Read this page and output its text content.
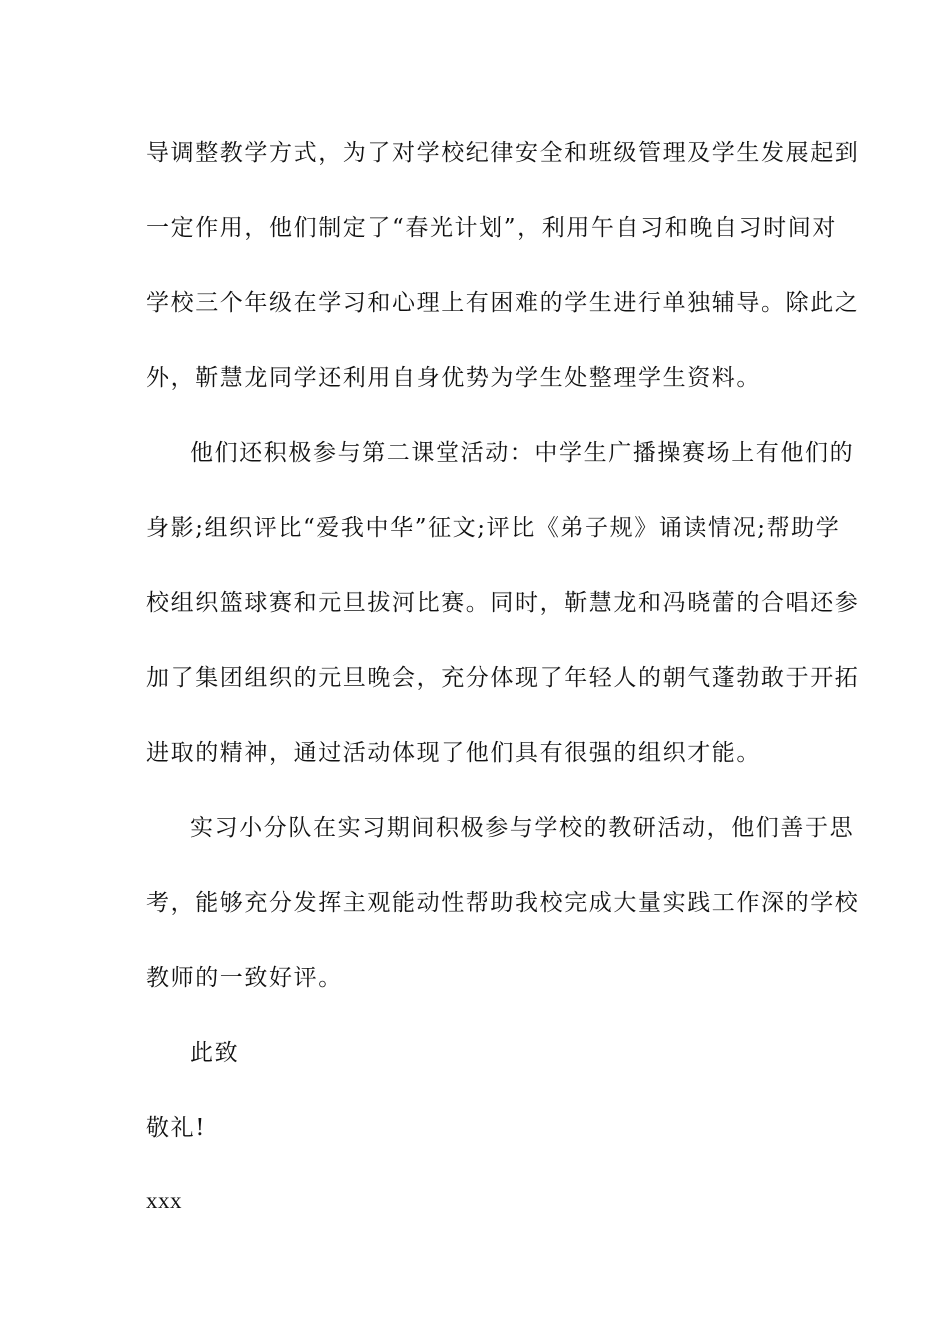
导调整教学方式，为了对学校纪律安全和班级管理及学生发展起到
一定作用，他们制定了“春光计划”，利用午自习和晚自习时间对
学校三个年级在学习和心理上有困难的学生进行单独辅导。除此之
外，靳慧龙同学还利用自身优势为学生处整理学生资料。
他们还积极参与第二课堂活动：中学生广播操赛场上有他们的
身影;组织评比“爱我中华”征文;评比《弟子规》诵读情况;帮助学
校组织篮球赛和元旦拔河比赛。同时，靳慧龙和冯晓蕾的合唱还参
加了集团组织的元旦晚会，充分体现了年轻人的朝气蓬勃敢于开拓
进取的精神，通过活动体现了他们具有很强的组织才能。
实习小分队在实习期间积极参与学校的教研活动，他们善于思
考，能够充分发挥主观能动性帮助我校完成大量实践工作深的学校
教师的一致好评。
此致
敬礼!
xxx
